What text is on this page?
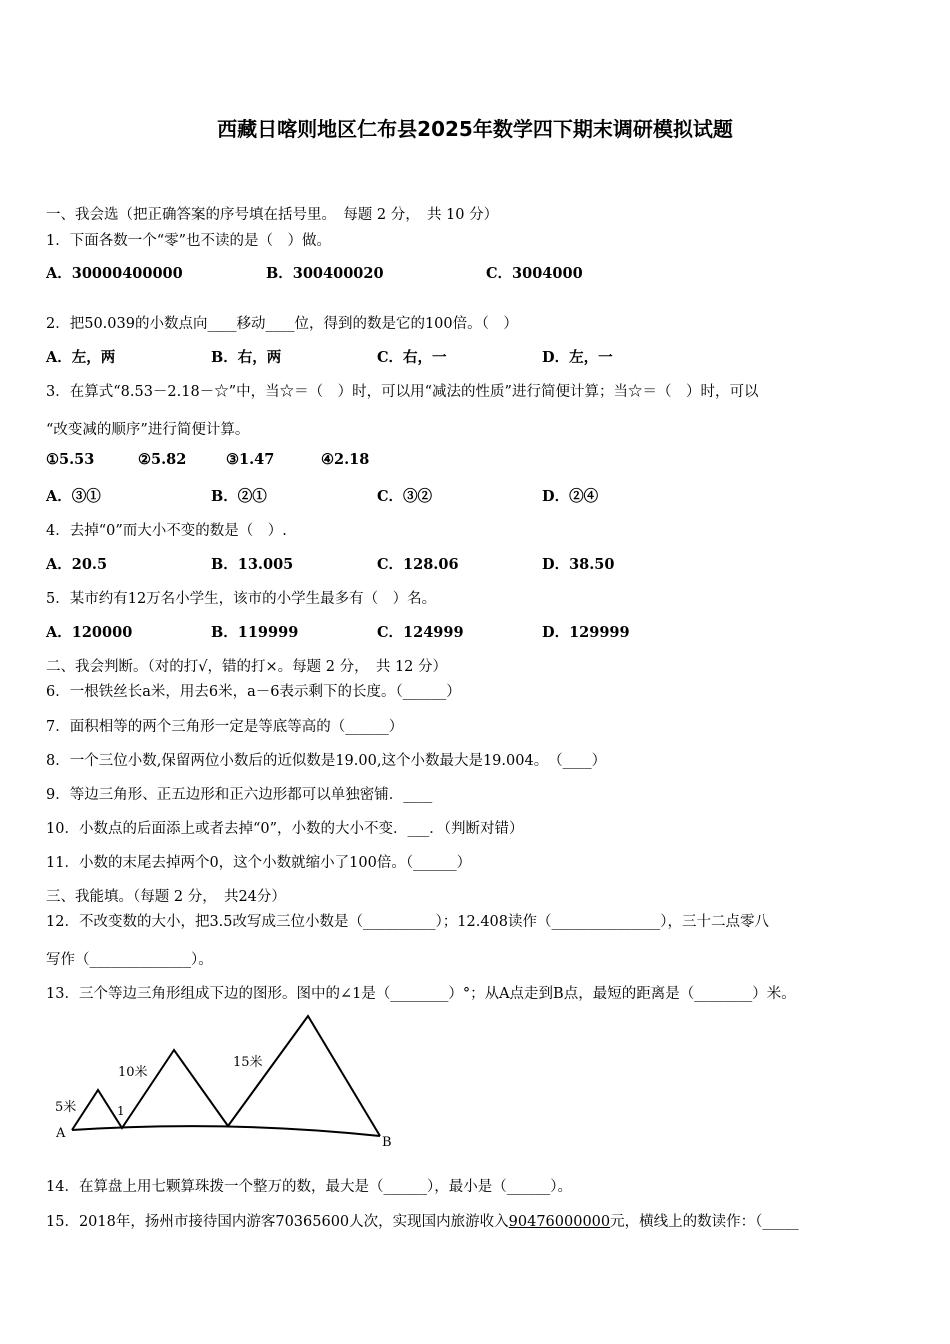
西藏日喀则地区仁布县2025年数学四下期末调研模拟试题
一、我会选（把正确答案的序号填在括号里。　每题 2 分，　共 10 分）
1．下面各数一个“零”也不读的是（　）做。
A．30000400000	B．300400020	C．3004000
2．把50.039的小数点向____移动____位，得到的数是它的100倍。（　）
A．左，两	B．右，两	C．右，一	D．左，一
3．在算式“8.53－2.18－☆”中，当☆＝（　）时，可以用“减法的性质”进行简便计算；当☆＝（　）时，可以
“改变减的顺序”进行简便计算。
①5.53	②5.82	③1.47	④2.18
A．③①	B．②①	C．③②	D．②④
4．去掉“0”而大小不变的数是（　）.
A．20.5	B．13.005	C．128.06	D．38.50
5．某市约有12万名小学生，该市的小学生最多有（　）名。
A．120000	B．119999	C．124999	D．129999
二、我会判断。（对的打√，错的打×。每题 2 分，　共 12 分）
6．一根铁丝长a米，用去6米，a－6表示剩下的长度。（______）
7．面积相等的两个三角形一定是等底等高的（______）
8．一个三位小数,保留两位小数后的近似数是19.00,这个小数最大是19.004。　（____）
9．等边三角形、正五边形和正六边形都可以单独密铺．____
10．小数点的后面添上或者去掉“0”，小数的大小不变．___．（判断对错）
11．小数的末尾去掉两个0，这个小数就缩小了100倍。（______）
三、我能填。（每题 2 分，　共24分）
12．不改变数的大小，把3.5改写成三位小数是（__________）；12.408读作（_______________），三十二点零八
写作（______________）。
13．三个等边三角形组成下边的图形。图中的∠1是（________）°；从A点走到B点，最短的距离是（________）米。
5米
10米
15米
1
A
B
14．在算盘上用七颗算珠拨一个整万的数，最大是（______），最小是（______）。
15．2018年，扬州市接待国内游客70365600人次，实现国内旅游收入90476000000元，横线上的数读作：（_____
